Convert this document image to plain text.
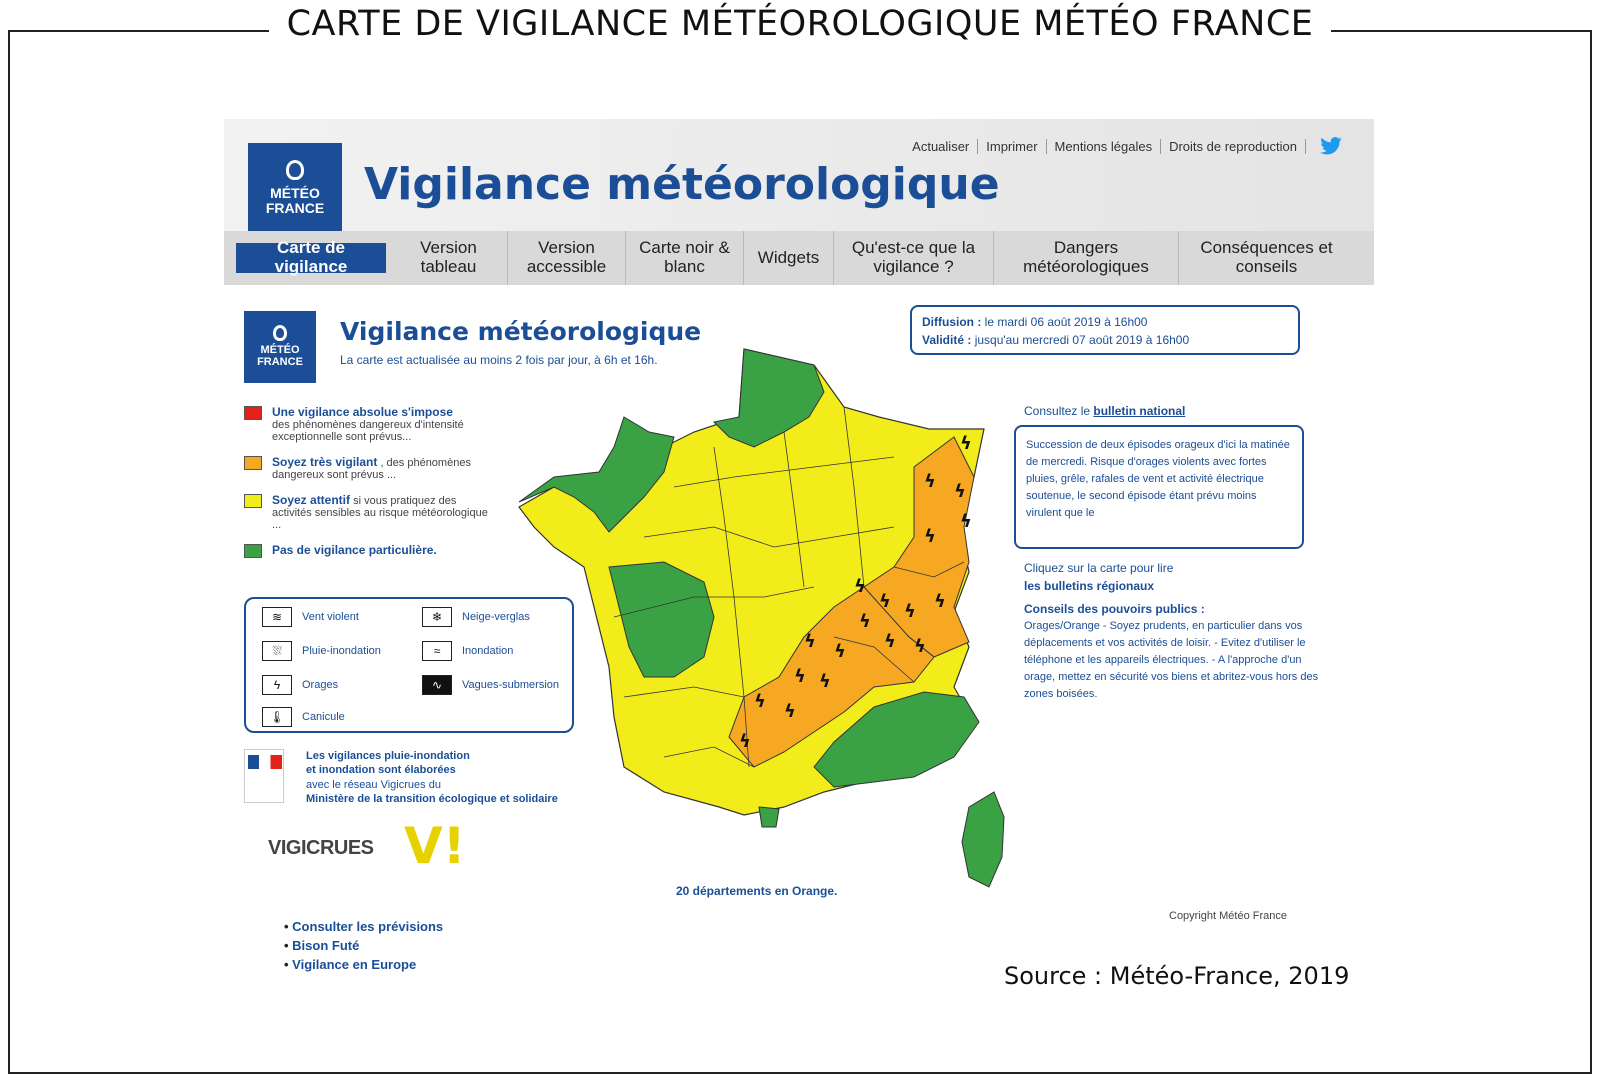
CARTE DE VIGILANCE MÉTÉOROLOGIQUE MÉTÉO FRANCE
MÉTÉO
FRANCE Vigilance météorologique
Actualiser	Imprimer	Mentions légales	Droits de reproduction
Carte de vigilance
Version tableau
Version accessible
Carte noir & blanc	Widgets	Qu'est-ce que la vigilance ?
Dangers météorologiques
Conséquences et conseils
MÉTÉO
FRANCE
Vigilance météorologique
La carte est actualisée au moins 2 fois par jour, à 6h et 16h.
Une vigilance absolue s'impose
des phénomènes dangereux d'intensité exceptionnelle sont prévus...
Soyez très vigilant , des phénomènes dangereux sont prévus ...
Soyez attentif si vous pratiquez des activités sensibles au risque météorologique ...
Pas de vigilance particulière.
≋	Vent violent	❄	Neige-verglas
⛆	Pluie-inondation	≈	Inondation
ϟ	Orages	∿	Vagues-submersion
🌡	Canicule
Les vigilances pluie-inondation
et inondation sont élaborées
avec le réseau Vigicrues du
Ministère de la transition écologique et solidaire
VIGICRUES V!
• Consulter les prévisions
• Bison Futé
• Vigilance en Europe
ϟ
ϟ ϟ
ϟ
ϟ
ϟ
ϟ ϟ ϟ
ϟ
ϟ ϟ
ϟ ϟ
ϟ ϟ
ϟ ϟ
ϟ
20 départements en Orange.
Diffusion : le mardi 06 août 2019 à 16h00
Validité : jusqu'au mercredi 07 août 2019 à 16h00
Consultez le bulletin national
Succession de deux épisodes orageux d'ici la matinée de mercredi. Risque d'orages violents avec fortes pluies, grêle, rafales de vent et activité électrique soutenue, le second épisode étant prévu moins virulent que le
Cliquez sur la carte pour lire
les bulletins régionaux
Conseils des pouvoirs publics :
Orages/Orange - Soyez prudents, en particulier dans vos déplacements et vos activités de loisir. - Evitez d'utiliser le téléphone et les appareils électriques. - A l'approche d'un orage, mettez en sécurité vos biens et abritez-vous hors des zones boisées.
Copyright Météo France
Source : Météo-France, 2019
